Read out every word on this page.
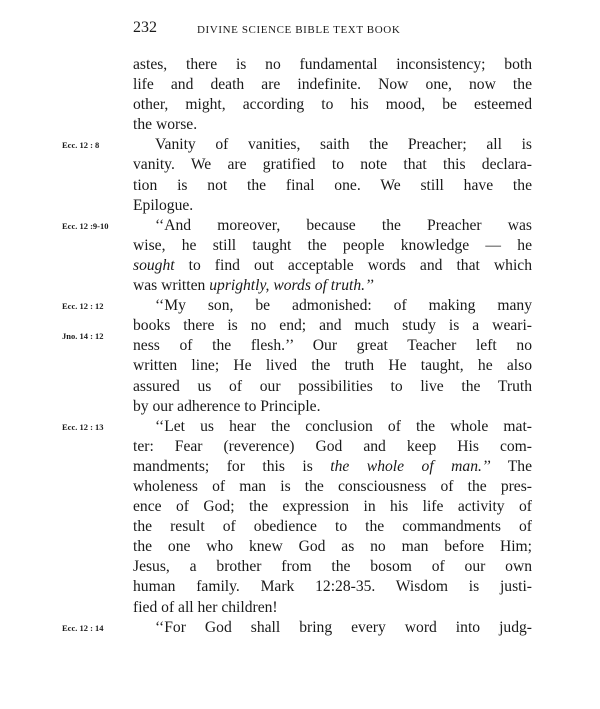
232	DIVINE SCIENCE BIBLE TEXT BOOK
astes, there is no fundamental inconsistency; both
life and death are indefinite. Now one, now the
other, might, according to his mood, be esteemed
the worse.
Vanity of vanities, saith the Preacher; all is
vanity. We are gratified to note that this declara-
tion is not the final one. We still have the
Epilogue.
‘‘And moreover, because the Preacher was
wise, he still taught the people knowledge — he
sought to find out acceptable words and that which
was written uprightly, words of truth.’’
‘‘My son, be admonished: of making many
books there is no end; and much study is a weari-
ness of the flesh.’’ Our great Teacher left no
written line; He lived the truth He taught, he also
assured us of our possibilities to live the Truth
by our adherence to Principle.
‘‘Let us hear the conclusion of the whole mat-
ter: Fear (reverence) God and keep His com-
mandments; for this is the whole of man.’’ The
wholeness of man is the consciousness of the pres-
ence of God; the expression in his life activity of
the result of obedience to the commandments of
the one who knew God as no man before Him;
Jesus, a brother from the bosom of our own
human family. Mark 12:28-35. Wisdom is justi-
fied of all her children!
‘‘For God shall bring every word into judg-
Ecc. 12 : 8
Ecc. 12 :9-10
Ecc. 12 : 12
Jno. 14 : 12
Ecc. 12 : 13
Ecc. 12 : 14
